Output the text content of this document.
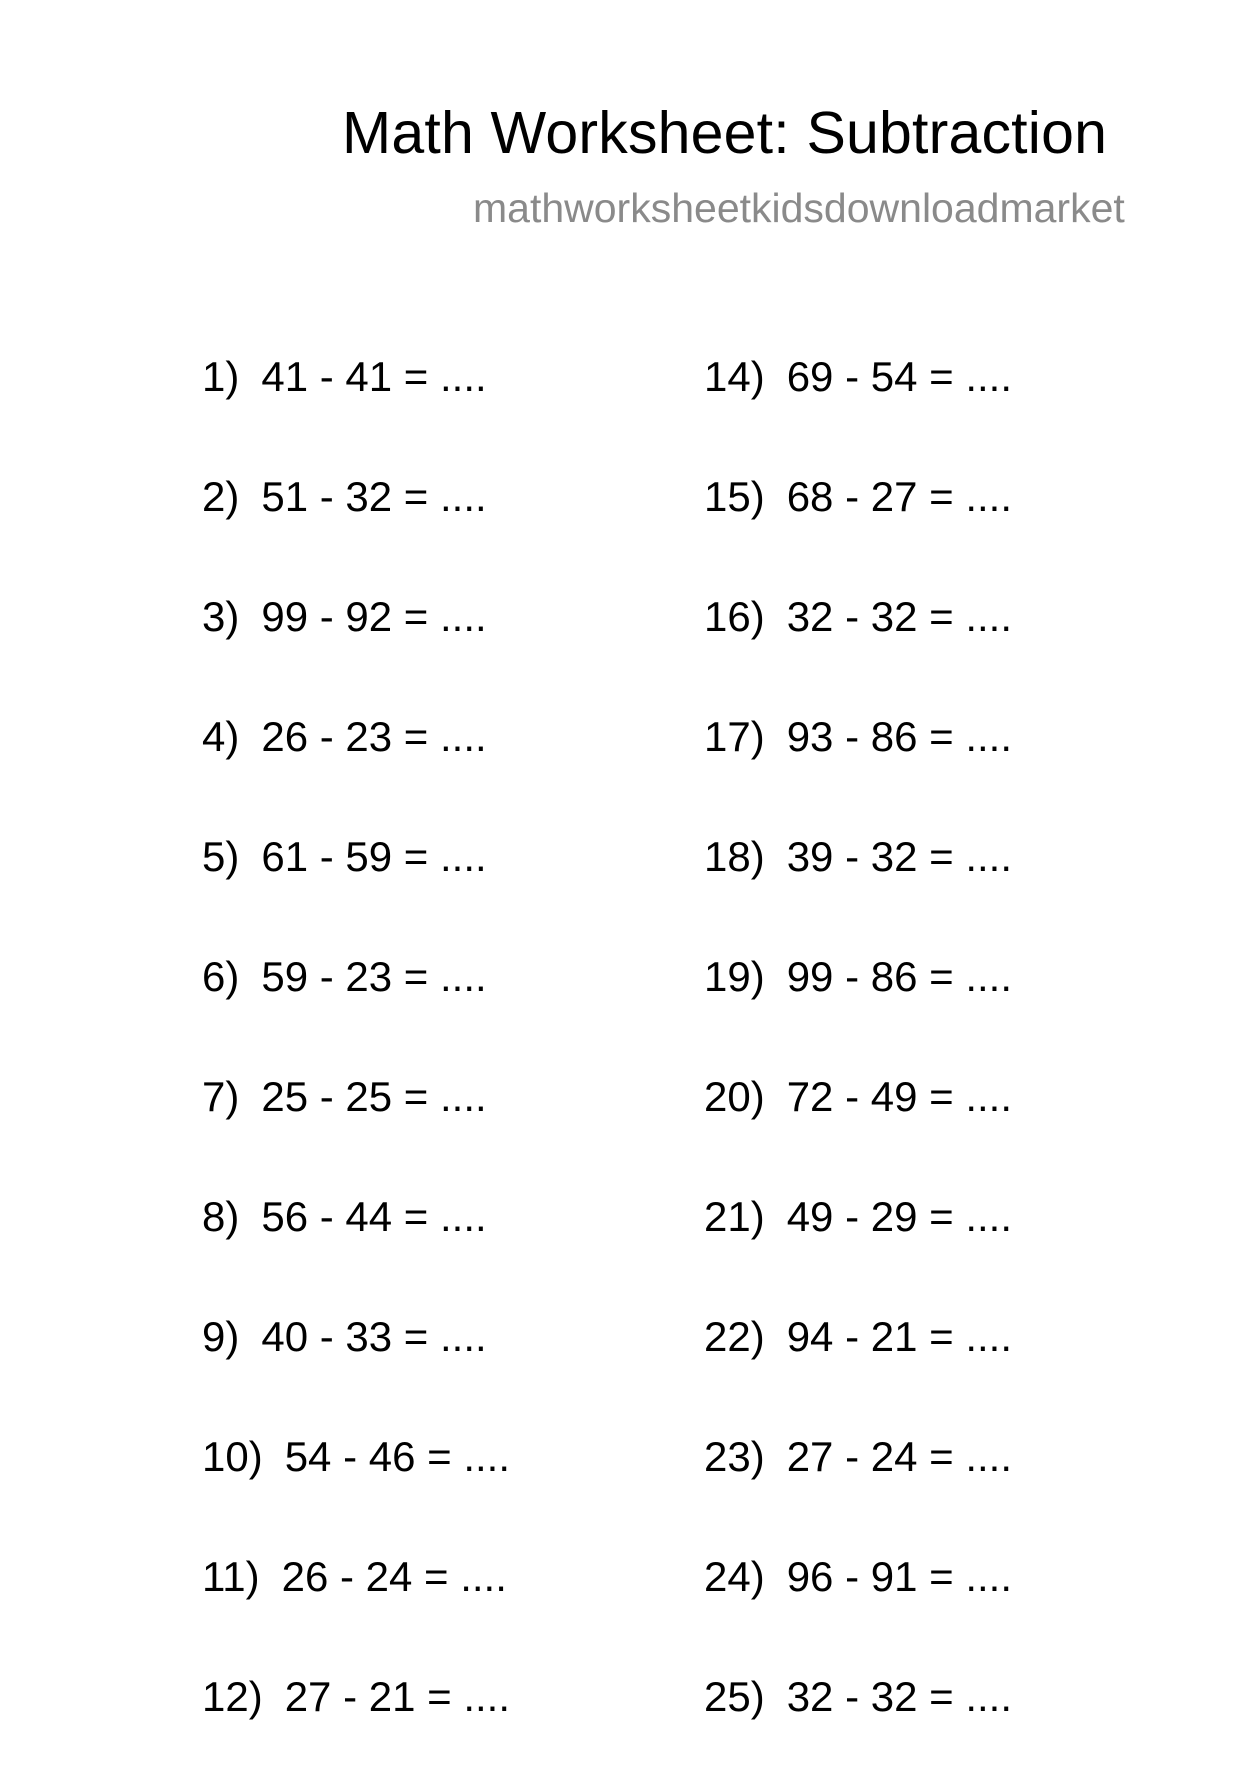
Math Worksheet: Subtraction
mathworksheetkidsdownloadmarket
1) 41 - 41 = ....
2) 51 - 32 = ....
3) 99 - 92 = ....
4) 26 - 23 = ....
5) 61 - 59 = ....
6) 59 - 23 = ....
7) 25 - 25 = ....
8) 56 - 44 = ....
9) 40 - 33 = ....
10) 54 - 46 = ....
11) 26 - 24 = ....
12) 27 - 21 = ....
14) 69 - 54 = ....
15) 68 - 27 = ....
16) 32 - 32 = ....
17) 93 - 86 = ....
18) 39 - 32 = ....
19) 99 - 86 = ....
20) 72 - 49 = ....
21) 49 - 29 = ....
22) 94 - 21 = ....
23) 27 - 24 = ....
24) 96 - 91 = ....
25) 32 - 32 = ....
